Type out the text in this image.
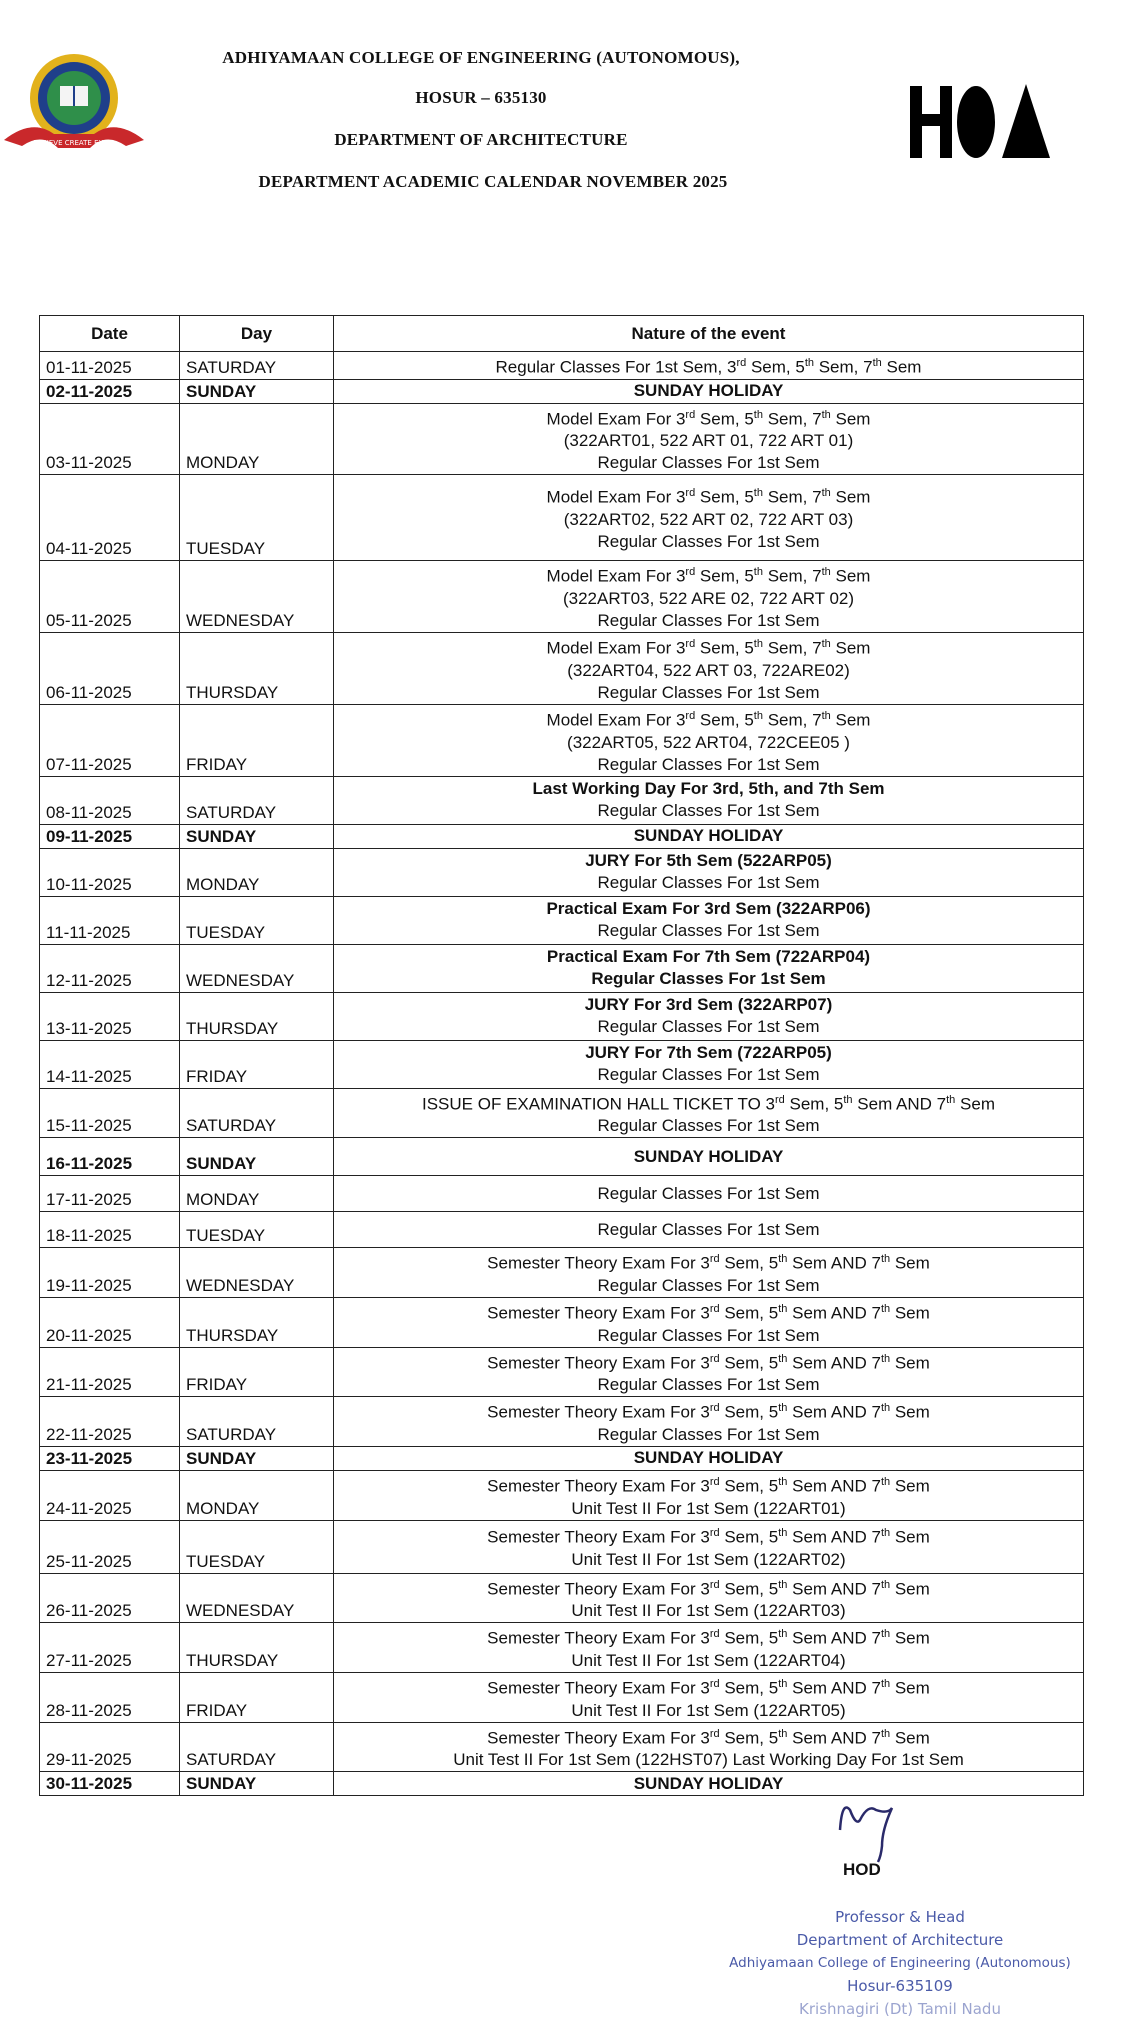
ACHIEVE CREATE EXCEL
ADHIYAMAAN COLLEGE OF ENGINEERING (AUTONOMOUS),
HOSUR – 635130
DEPARTMENT OF ARCHITECTURE
DEPARTMENT ACADEMIC CALENDAR NOVEMBER 2025
Date	Day	Nature of the event
01-11-2025	SATURDAY	Regular Classes For 1st Sem, 3rd Sem, 5th Sem, 7th Sem

02-11-2025	SUNDAY	SUNDAY HOLIDAY

03-11-2025	MONDAY	Model Exam For 3rd Sem, 5th Sem, 7th Sem
(322ART01, 522 ART 01, 722 ART 01)
Regular Classes For 1st Sem

04-11-2025	TUESDAY	Model Exam For 3rd Sem, 5th Sem, 7th Sem
(322ART02, 522 ART 02, 722 ART 03)
Regular Classes For 1st Sem

05-11-2025	WEDNESDAY	Model Exam For 3rd Sem, 5th Sem, 7th Sem
(322ART03, 522 ARE 02, 722 ART 02)
Regular Classes For 1st Sem

06-11-2025	THURSDAY	Model Exam For 3rd Sem, 5th Sem, 7th Sem
(322ART04, 522 ART 03, 722ARE02)
Regular Classes For 1st Sem

07-11-2025	FRIDAY	Model Exam For 3rd Sem, 5th Sem, 7th Sem
(322ART05, 522 ART04, 722CEE05 )
Regular Classes For 1st Sem

08-11-2025	SATURDAY	Last Working Day For 3rd, 5th, and 7th Sem
Regular Classes For 1st Sem

09-11-2025	SUNDAY	SUNDAY HOLIDAY

10-11-2025	MONDAY	JURY For 5th Sem (522ARP05)
Regular Classes For 1st Sem

11-11-2025	TUESDAY	Practical Exam For 3rd Sem (322ARP06)
Regular Classes For 1st Sem

12-11-2025	WEDNESDAY	Practical Exam For 7th Sem (722ARP04)
Regular Classes For 1st Sem

13-11-2025	THURSDAY	JURY For 3rd Sem (322ARP07)
Regular Classes For 1st Sem

14-11-2025	FRIDAY	JURY For 7th Sem (722ARP05)
Regular Classes For 1st Sem

15-11-2025	SATURDAY	ISSUE OF EXAMINATION HALL TICKET TO 3rd Sem, 5th Sem AND 7th Sem
Regular Classes For 1st Sem

16-11-2025	SUNDAY	SUNDAY HOLIDAY

17-11-2025	MONDAY	Regular Classes For 1st Sem

18-11-2025	TUESDAY	Regular Classes For 1st Sem

19-11-2025	WEDNESDAY	Semester Theory Exam For 3rd Sem, 5th Sem AND 7th Sem
Regular Classes For 1st Sem

20-11-2025	THURSDAY	Semester Theory Exam For 3rd Sem, 5th Sem AND 7th Sem
Regular Classes For 1st Sem

21-11-2025	FRIDAY	Semester Theory Exam For 3rd Sem, 5th Sem AND 7th Sem
Regular Classes For 1st Sem

22-11-2025	SATURDAY	Semester Theory Exam For 3rd Sem, 5th Sem AND 7th Sem
Regular Classes For 1st Sem

23-11-2025	SUNDAY	SUNDAY HOLIDAY

24-11-2025	MONDAY	Semester Theory Exam For 3rd Sem, 5th Sem AND 7th Sem
Unit Test II For 1st Sem (122ART01)

25-11-2025	TUESDAY	Semester Theory Exam For 3rd Sem, 5th Sem AND 7th Sem
Unit Test II For 1st Sem (122ART02)

26-11-2025	WEDNESDAY	Semester Theory Exam For 3rd Sem, 5th Sem AND 7th Sem
Unit Test II For 1st Sem (122ART03)

27-11-2025	THURSDAY	Semester Theory Exam For 3rd Sem, 5th Sem AND 7th Sem
Unit Test II For 1st Sem (122ART04)

28-11-2025	FRIDAY	Semester Theory Exam For 3rd Sem, 5th Sem AND 7th Sem
Unit Test II For 1st Sem (122ART05)

29-11-2025	SATURDAY	Semester Theory Exam For 3rd Sem, 5th Sem AND 7th Sem
Unit Test II For 1st Sem (122HST07) Last Working Day For 1st Sem

30-11-2025	SUNDAY	SUNDAY HOLIDAY
HOD
Professor & Head
Department of Architecture
Adhiyamaan College of Engineering (Autonomous)
Hosur-635109
Krishnagiri (Dt) Tamil Nadu
